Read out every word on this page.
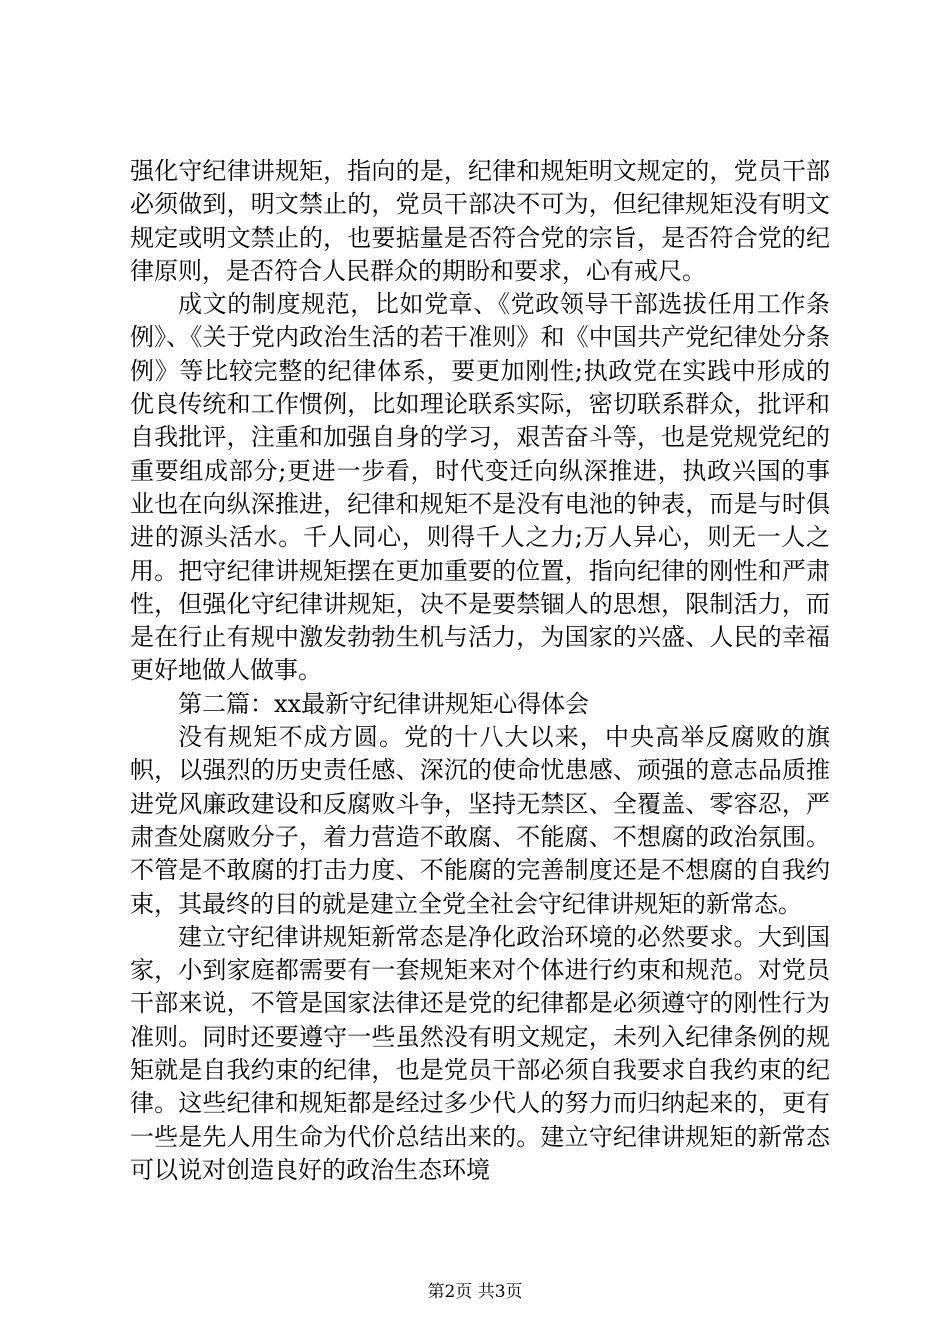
强化守纪律讲规矩，指向的是，纪律和规矩明文规定的，党员干部必须做到，明文禁止的，党员干部决不可为，但纪律规矩没有明文规定或明文禁止的，也要掂量是否符合党的宗旨，是否符合党的纪律原则，是否符合人民群众的期盼和要求，心有戒尺。

成文的制度规范，比如党章、《党政领导干部选拔任用工作条例》、《关于党内政治生活的若干准则》和《中国共产党纪律处分条例》等比较完整的纪律体系，要更加刚性;执政党在实践中形成的优良传统和工作惯例，比如理论联系实际，密切联系群众，批评和自我批评，注重和加强自身的学习，艰苦奋斗等，也是党规党纪的重要组成部分;更进一步看，时代变迁向纵深推进，执政兴国的事业也在向纵深推进，纪律和规矩不是没有电池的钟表，而是与时俱进的源头活水。千人同心，则得千人之力;万人异心，则无一人之用。把守纪律讲规矩摆在更加重要的位置，指向纪律的刚性和严肃性，但强化守纪律讲规矩，决不是要禁锢人的思想，限制活力，而是在行止有规中激发勃勃生机与活力，为国家的兴盛、人民的幸福更好地做人做事。

第二篇：xx最新守纪律讲规矩心得体会

没有规矩不成方圆。党的十八大以来，中央高举反腐败的旗帜，以强烈的历史责任感、深沉的使命忧患感、顽强的意志品质推进党风廉政建设和反腐败斗争，坚持无禁区、全覆盖、零容忍，严肃查处腐败分子，着力营造不敢腐、不能腐、不想腐的政治氛围。不管是不敢腐的打击力度、不能腐的完善制度还是不想腐的自我约束，其最终的目的就是建立全党全社会守纪律讲规矩的新常态。

建立守纪律讲规矩新常态是净化政治环境的必然要求。大到国家，小到家庭都需要有一套规矩来对个体进行约束和规范。对党员干部来说，不管是国家法律还是党的纪律都是必须遵守的刚性行为准则。同时还要遵守一些虽然没有明文规定，未列入纪律条例的规矩就是自我约束的纪律，也是党员干部必须自我要求自我约束的纪律。这些纪律和规矩都是经过多少代人的努力而归纳起来的，更有一些是先人用生命为代价总结出来的。建立守纪律讲规矩的新常态可以说对创造良好的政治生态环境

第2页 共3页
